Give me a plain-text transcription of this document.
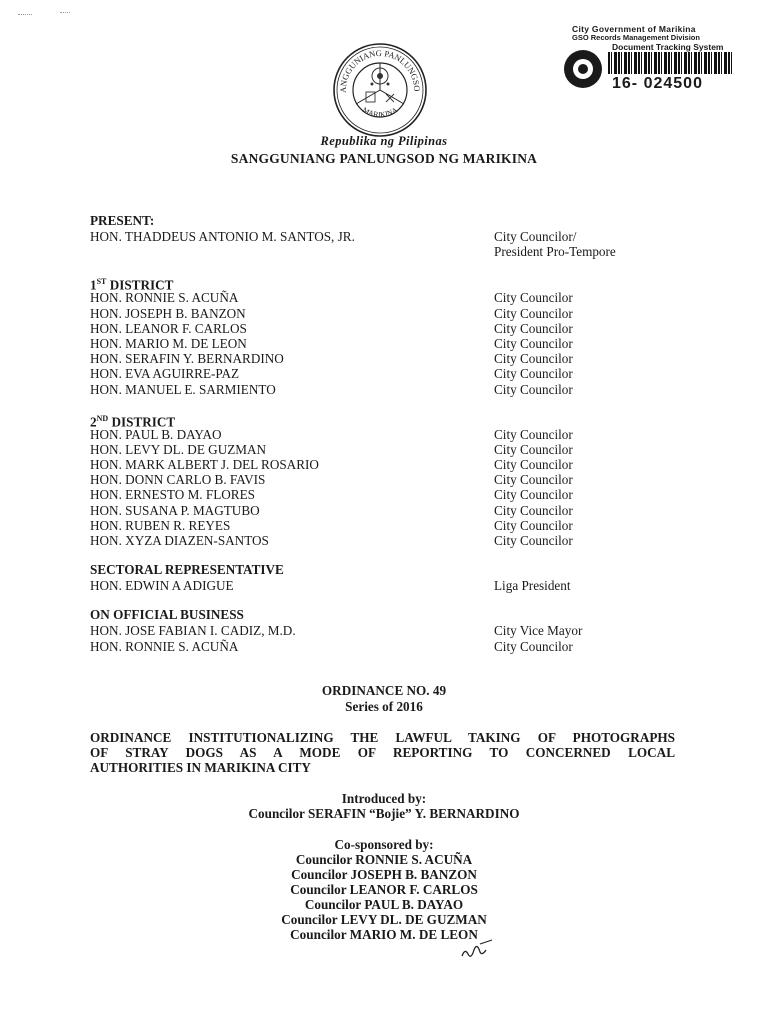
ANGGUNIANG PANLUNGSO
MARIKINA
City Government of Marikina
GSO Records Management Division
Document Tracking System
16- 024500
Republika ng Pilipinas
SANGGUNIANG PANLUNGSOD NG MARIKINA
PRESENT:
HON. THADDEUS ANTONIO M. SANTOS, JR.	City Councilor/
President Pro-Tempore
1ST DISTRICT
HON. RONNIE S. ACUÑA	City Councilor
HON. JOSEPH B. BANZON	City Councilor
HON. LEANOR F. CARLOS	City Councilor
HON. MARIO M. DE LEON	City Councilor
HON. SERAFIN Y. BERNARDINO	City Councilor
HON. EVA AGUIRRE-PAZ	City Councilor
HON. MANUEL E. SARMIENTO	City Councilor
2ND DISTRICT
HON. PAUL B. DAYAO	City Councilor
HON. LEVY DL. DE GUZMAN	City Councilor
HON. MARK ALBERT J. DEL ROSARIO	City Councilor
HON. DONN CARLO B. FAVIS	City Councilor
HON. ERNESTO M. FLORES	City Councilor
HON. SUSANA P. MAGTUBO	City Councilor
HON. RUBEN R. REYES	City Councilor
HON. XYZA DIAZEN-SANTOS	City Councilor
SECTORAL REPRESENTATIVE
HON. EDWIN A ADIGUE	Liga President
ON OFFICIAL BUSINESS
HON. JOSE FABIAN I. CADIZ, M.D.	City Vice Mayor
HON. RONNIE S. ACUÑA	City Councilor
ORDINANCE NO. 49
Series of 2016
ORDINANCE INSTITUTIONALIZING THE LAWFUL TAKING OF PHOTOGRAPHS
OF STRAY DOGS AS A MODE OF REPORTING TO CONCERNED LOCAL
AUTHORITIES IN MARIKINA CITY
Introduced by:
Councilor SERAFIN “Bojie” Y. BERNARDINO
Co-sponsored by:
Councilor RONNIE S. ACUÑA
Councilor JOSEPH B. BANZON
Councilor LEANOR F. CARLOS
Councilor PAUL B. DAYAO
Councilor LEVY DL. DE GUZMAN
Councilor MARIO M. DE LEON
